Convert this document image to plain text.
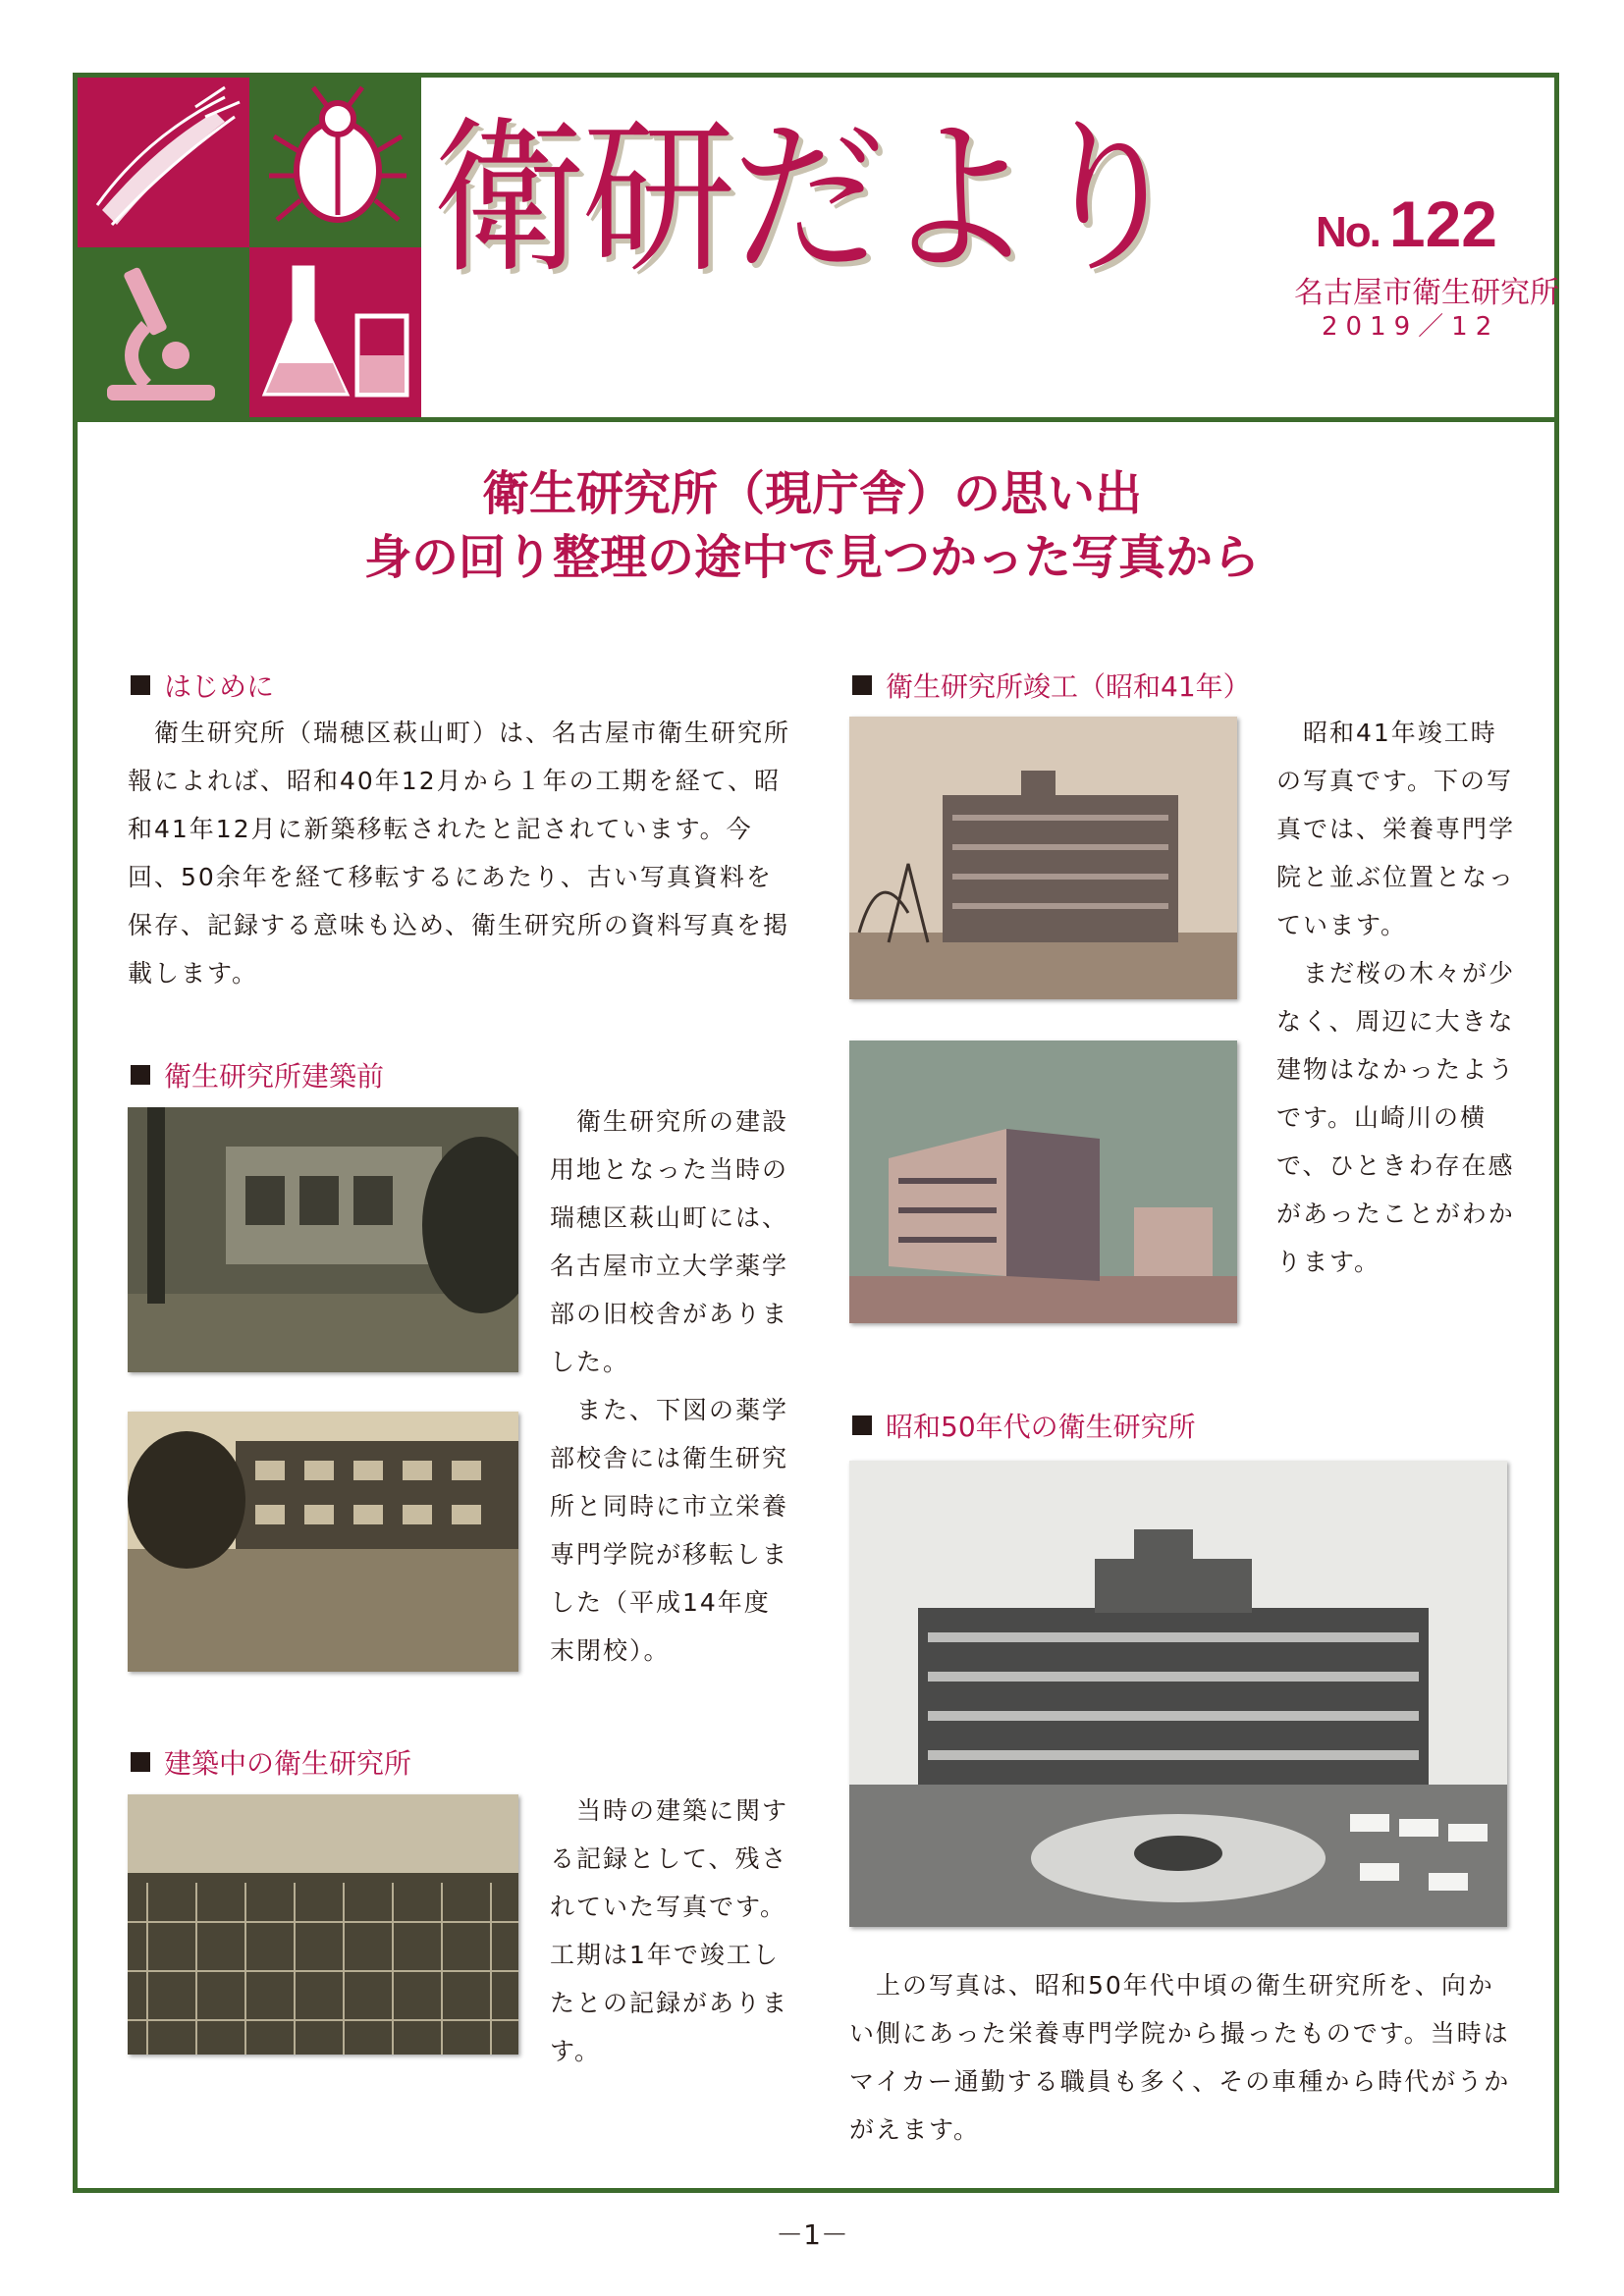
衛研だより	No. 122
名古屋市衛生研究所
2019／12
衛生研究所（現庁舎）の思い出
身の回り整理の途中で見つかった写真から
はじめに

　衛生研究所（瑞穂区萩山町）は、名古屋市衛生研究所報によれば、昭和40年12月から１年の工期を経て、昭和41年12月に新築移転されたと記されています。今回、50余年を経て移転するにあたり、古い写真資料を保存、記録する意味も込め、衛生研究所の資料写真を掲載します。

衛生研究所建築前

　衛生研究所の建設用地となった当時の瑞穂区萩山町には、名古屋市立大学薬学部の旧校舎がありました。
　また、下図の薬学部校舎には衛生研究所と同時に市立栄養専門学院が移転しました（平成14年度末閉校）。

建築中の衛生研究所

　当時の建築に関する記録として、残されていた写真です。工期は1年で竣工したとの記録があります。

衛生研究所竣工（昭和41年）

　昭和41年竣工時の写真です。下の写真では、栄養専門学院と並ぶ位置となっています。
　まだ桜の木々が少なく、周辺に大きな建物はなかったようです。山崎川の横で、ひときわ存在感があったことがわかります。

昭和50年代の衛生研究所

　上の写真は、昭和50年代中頃の衛生研究所を、向かい側にあった栄養専門学院から撮ったものです。当時はマイカー通勤する職員も多く、その車種から時代がうかがえます。

－1－
